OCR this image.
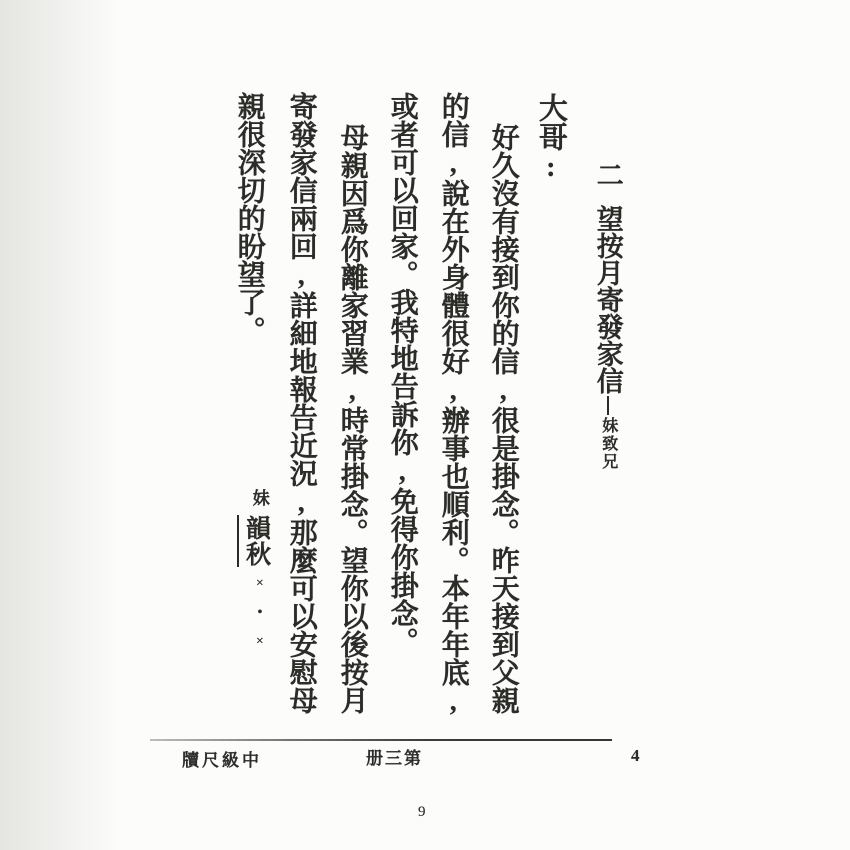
二望按月寄發家信妹致兄
大哥:
好久沒有接到你的信,很是掛念。昨天接到父親
的信,說在外身體很好,辦事也順利。本年年底,
或者可以回家。我特地告訴你,免得你掛念。
母親因爲你離家習業,時常掛念。望你以後按月
寄發家信兩回,詳細地報告近況,那麼可以安慰母
親很深切的盼望了。
妹
韻秋
×•×
牘尺級中	册三第	4
9
